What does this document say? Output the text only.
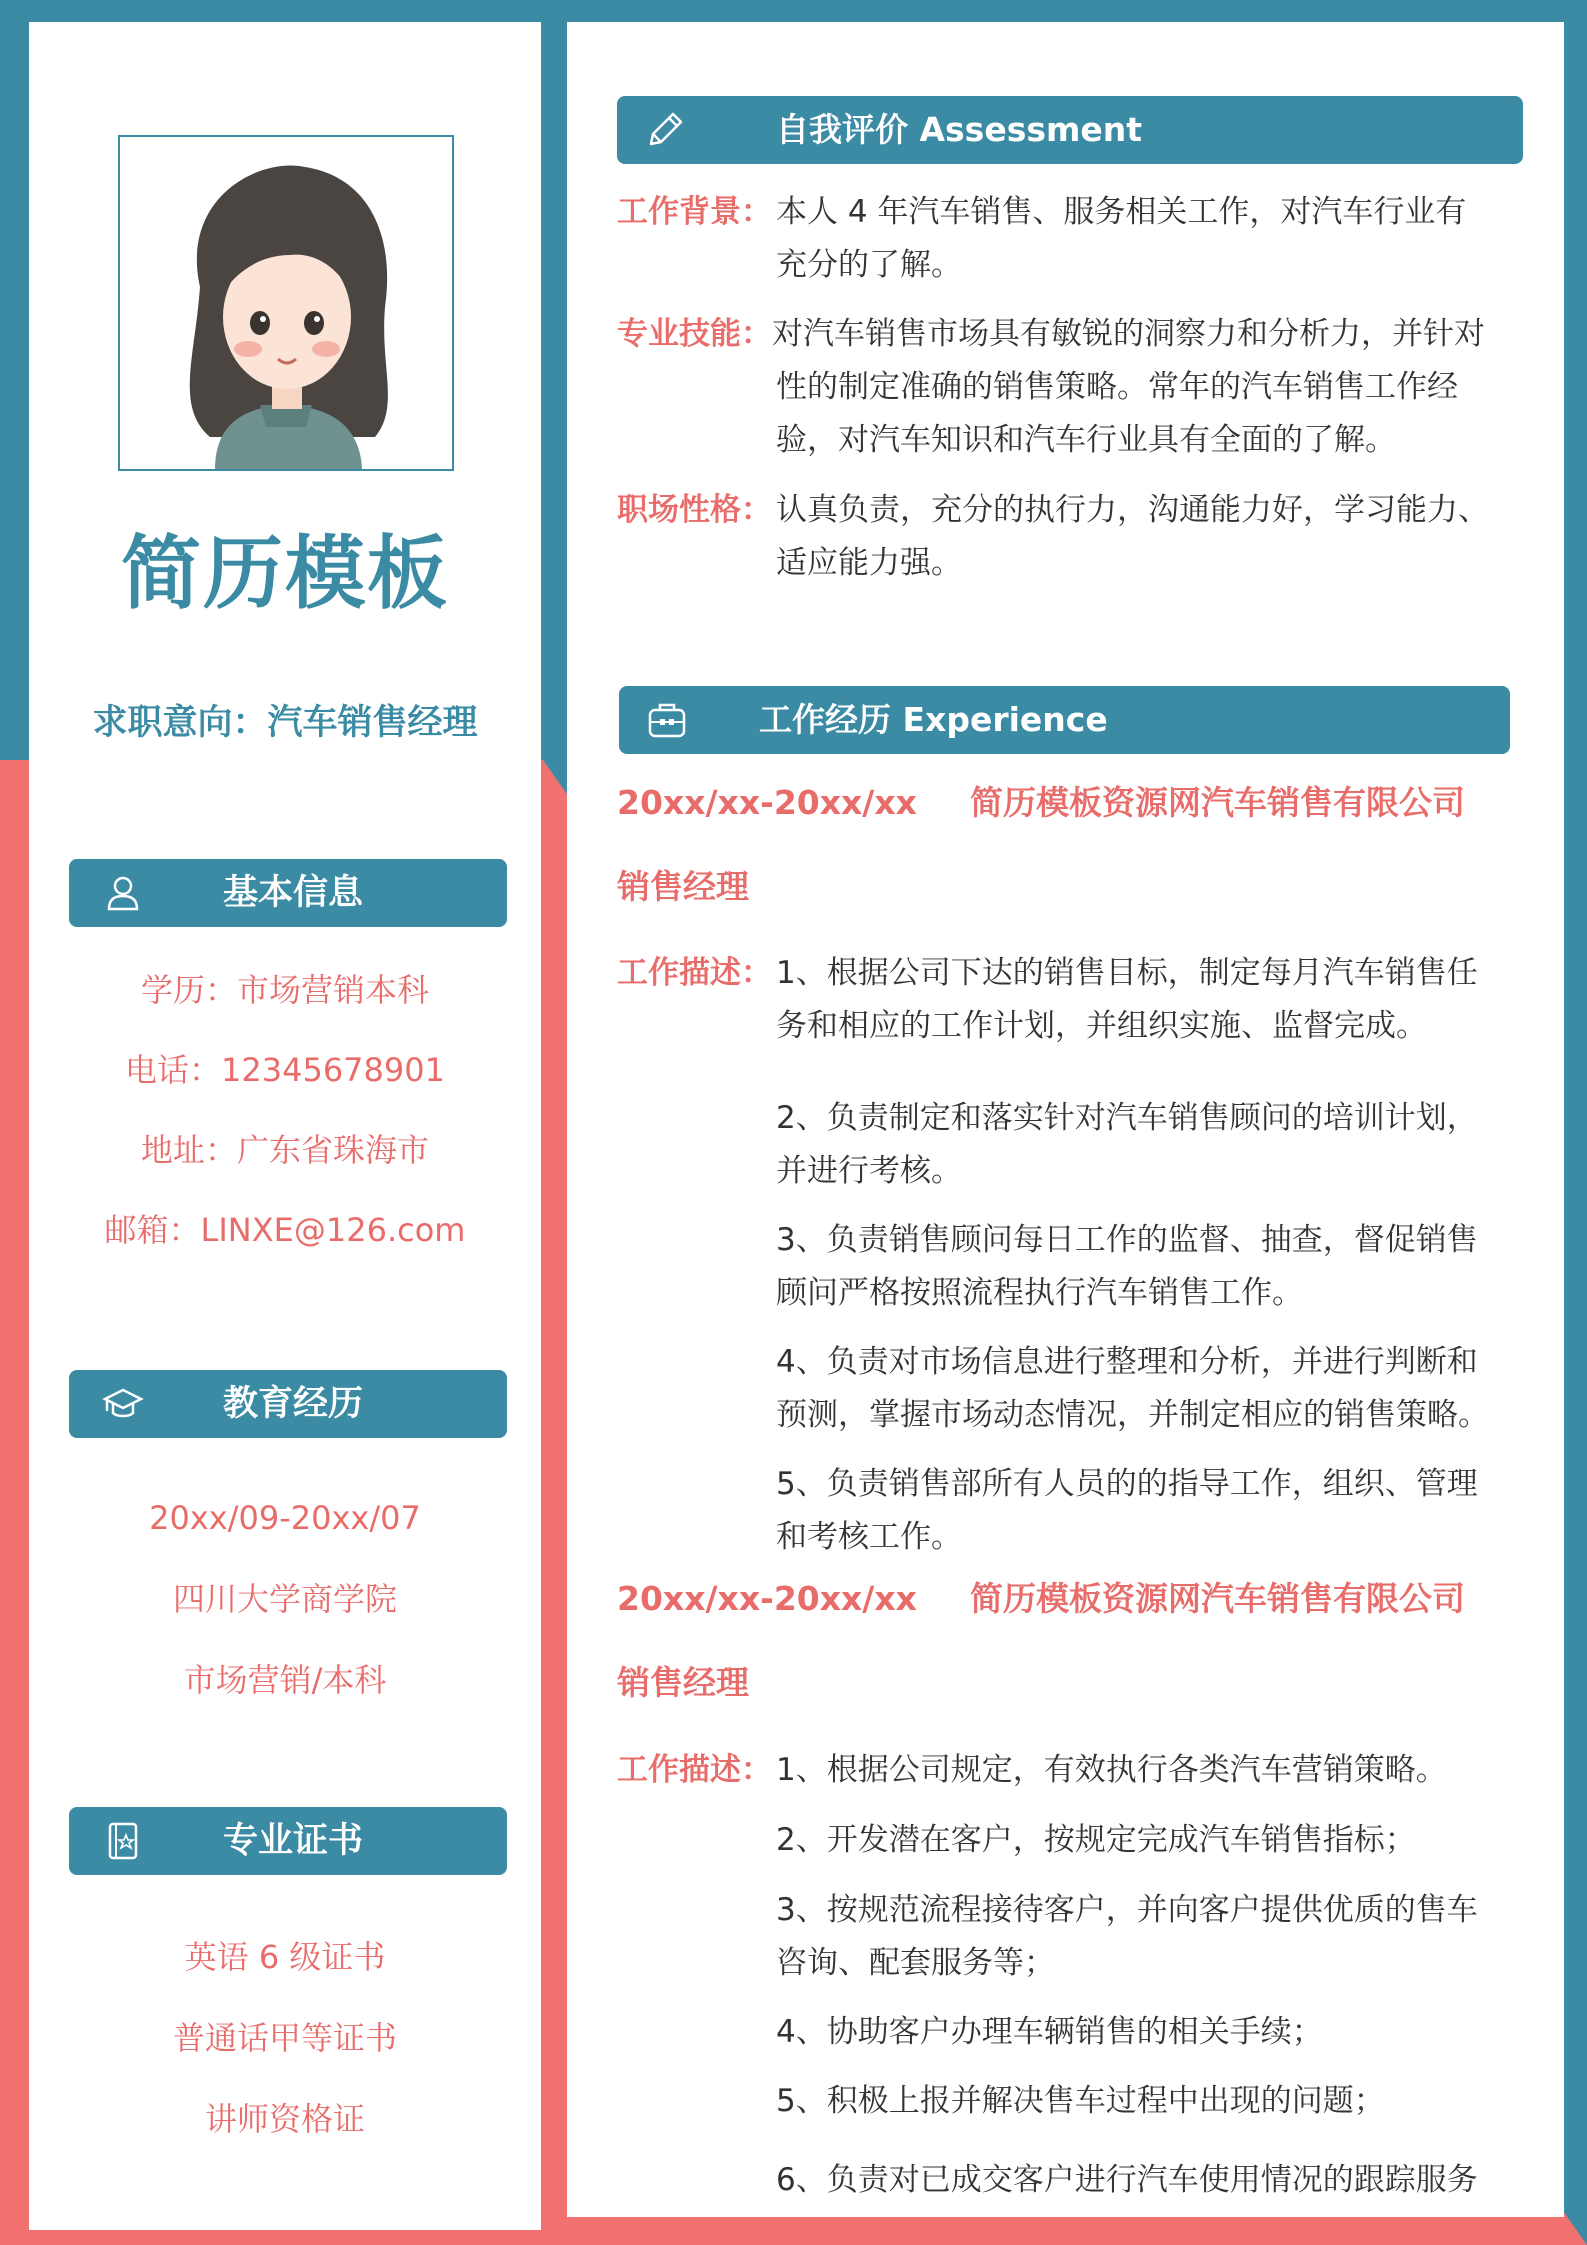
简历模板
求职意向：汽车销售经理
基本信息
学历：市场营销本科
电话：12345678901
地址：广东省珠海市
邮箱：LINXE@126.com
教育经历
20xx/09-20xx/07
四川大学商学院
市场营销/本科
专业证书
英语 6 级证书
普通话甲等证书
讲师资格证
自我评价 Assessment
工作背景： 本人 4 年汽车销售、服务相关工作，对汽车行业有
充分的了解。
专业技能： 对汽车销售市场具有敏锐的洞察力和分析力，并针对
性的制定准确的销售策略。常年的汽车销售工作经
验，对汽车知识和汽车行业具有全面的了解。
职场性格： 认真负责，充分的执行力，沟通能力好，学习能力、
适应能力强。
工作经历 Experience
20xx/xx-20xx/xx 简历模板资源网汽车销售有限公司
销售经理
工作描述： 1、根据公司下达的销售目标，制定每月汽车销售任
务和相应的工作计划，并组织实施、监督完成。
2、负责制定和落实针对汽车销售顾问的培训计划，
并进行考核。
3、负责销售顾问每日工作的监督、抽查，督促销售
顾问严格按照流程执行汽车销售工作。
4、负责对市场信息进行整理和分析，并进行判断和
预测，掌握市场动态情况，并制定相应的销售策略。
5、负责销售部所有人员的的指导工作，组织、管理
和考核工作。
20xx/xx-20xx/xx 简历模板资源网汽车销售有限公司
销售经理
工作描述： 1、根据公司规定，有效执行各类汽车营销策略。
2、开发潜在客户，按规定完成汽车销售指标；
3、按规范流程接待客户，并向客户提供优质的售车
咨询、配套服务等；
4、协助客户办理车辆销售的相关手续；
5、积极上报并解决售车过程中出现的问题；
6、负责对已成交客户进行汽车使用情况的跟踪服务
